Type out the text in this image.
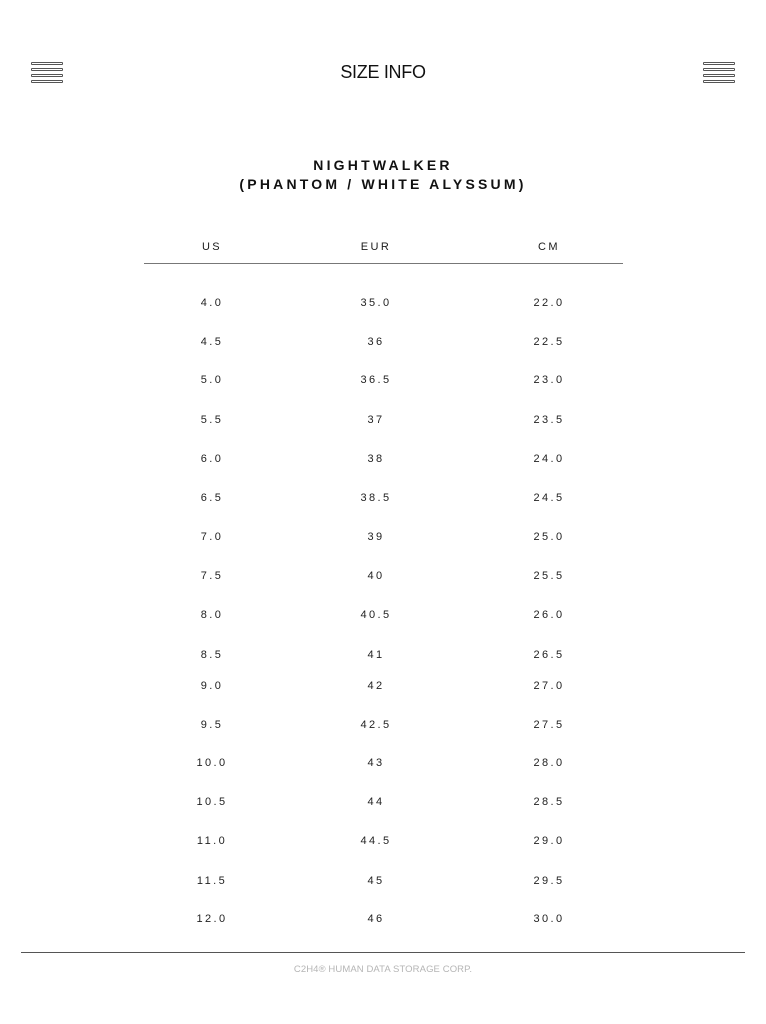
SIZE INFO
NIGHTWALKER
(PHANTOM / WHITE ALYSSUM)
US	EUR	CM
4.0	35.0	22.0
4.5	36	22.5
5.0	36.5	23.0
5.5	37	23.5
6.0	38	24.0
6.5	38.5	24.5
7.0	39	25.0
7.5	40	25.5
8.0	40.5	26.0
8.5	41	26.5
9.0	42	27.0
9.5	42.5	27.5
10.0	43	28.0
10.5	44	28.5
11.0	44.5	29.0
11.5	45	29.5
12.0	46	30.0
C2H4® HUMAN DATA STORAGE CORP.
